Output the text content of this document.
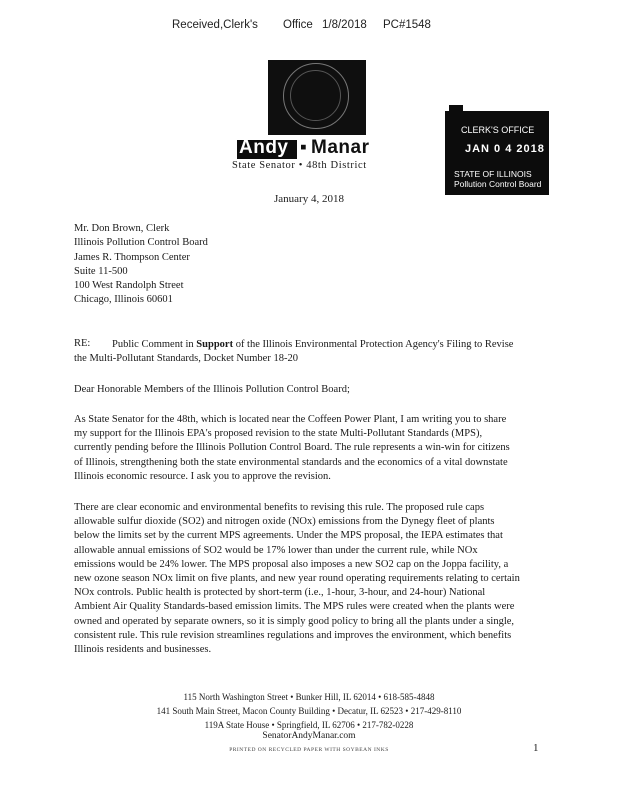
Received,Clerk's Office 1/8/2018 PC#1548
Andy ▪ Manar
State Senator • 48th District
CLERK'S OFFICE
JAN 0 4 2018
STATE OF ILLINOIS
Pollution Control Board
January 4, 2018
Mr. Don Brown, Clerk
Illinois Pollution Control Board
James R. Thompson Center
Suite 11-500
100 West Randolph Street
Chicago, Illinois 60601
RE:	Public Comment in Support of the Illinois Environmental Protection Agency's Filing to Revise
the Multi-Pollutant Standards, Docket Number 18-20
Dear Honorable Members of the Illinois Pollution Control Board;
As State Senator for the 48th, which is located near the Coffeen Power Plant, I am writing you to share
my support for the Illinois EPA's proposed revision to the state Multi-Pollutant Standards (MPS),
currently pending before the Illinois Pollution Control Board. The rule represents a win-win for citizens
of Illinois, strengthening both the state environmental standards and the economics of a vital downstate
Illinois economic resource. I ask you to approve the revision.
There are clear economic and environmental benefits to revising this rule. The proposed rule caps
allowable sulfur dioxide (SO2) and nitrogen oxide (NOx) emissions from the Dynegy fleet of plants
below the limits set by the current MPS agreements. Under the MPS proposal, the IEPA estimates that
allowable annual emissions of SO2 would be 17% lower than under the current rule, while NOx
emissions would be 24% lower. The MPS proposal also imposes a new SO2 cap on the Joppa facility, a
new ozone season NOx limit on five plants, and new year round operating requirements relating to certain
NOx controls. Public health is protected by short-term (i.e., 1-hour, 3-hour, and 24-hour) National
Ambient Air Quality Standards-based emission limits. The MPS rules were created when the plants were
owned and operated by separate owners, so it is simply good policy to bring all the plants under a single,
consistent rule. This rule revision streamlines regulations and improves the environment, which benefits
Illinois residents and businesses.
115 North Washington Street • Bunker Hill, IL 62014 • 618-585-4848
141 South Main Street, Macon County Building • Decatur, IL 62523 • 217-429-8110
119A State House • Springfield, IL 62706 • 217-782-0228
SenatorAndyManar.com
PRINTED ON RECYCLED PAPER WITH SOYBEAN INKS	1
